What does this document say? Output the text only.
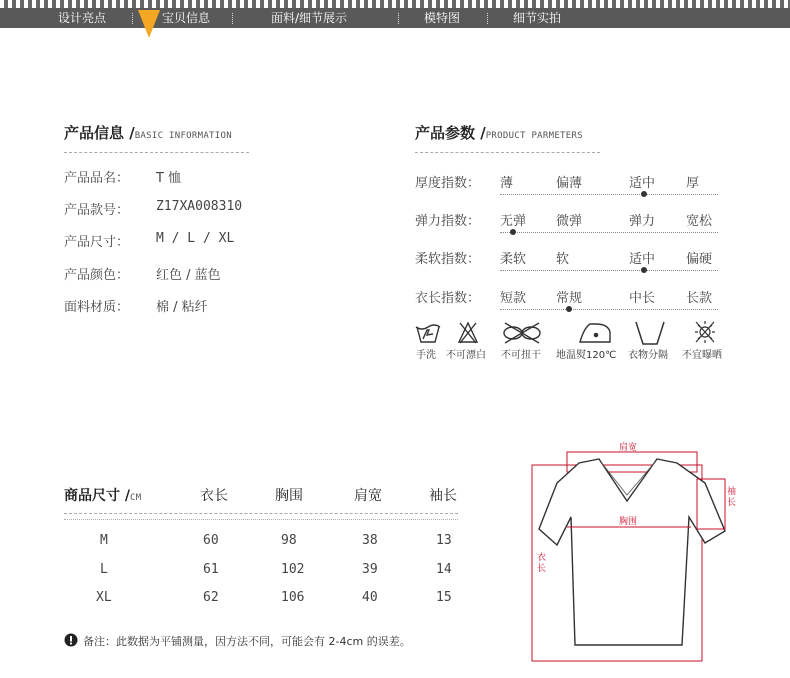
设计亮点	宝贝信息	面料/细节展示	模特图	细节实拍
产品信息 /BASIC INFORMATION
产品品名： T 恤
产品款号： Z17XA008310
产品尺寸： M / L / XL
产品颜色： 红色 / 蓝色
面料材质： 棉 / 粘纤
产品参数 /PRODUCT PARMETERS
厚度指数： 薄	偏薄	适中 厚
弹力指数： 无弹 微弹	弹力 宽松
柔软指数： 柔软 软	适中 偏硬
衣长指数： 短款 常规	中长 长款
手洗 不可漂白 不可扭干 地温熨120℃ 衣物分隔 不宜曝晒
商品尺寸 /CM	衣长	胸围	肩宽	袖长
M	60	98	38	13
L	61	102	39	14
XL	62	106	40	15
备注：此数据为平铺测量，因方法不同，可能会有 2-4cm 的误差。
肩宽
胸围
袖长
衣长
